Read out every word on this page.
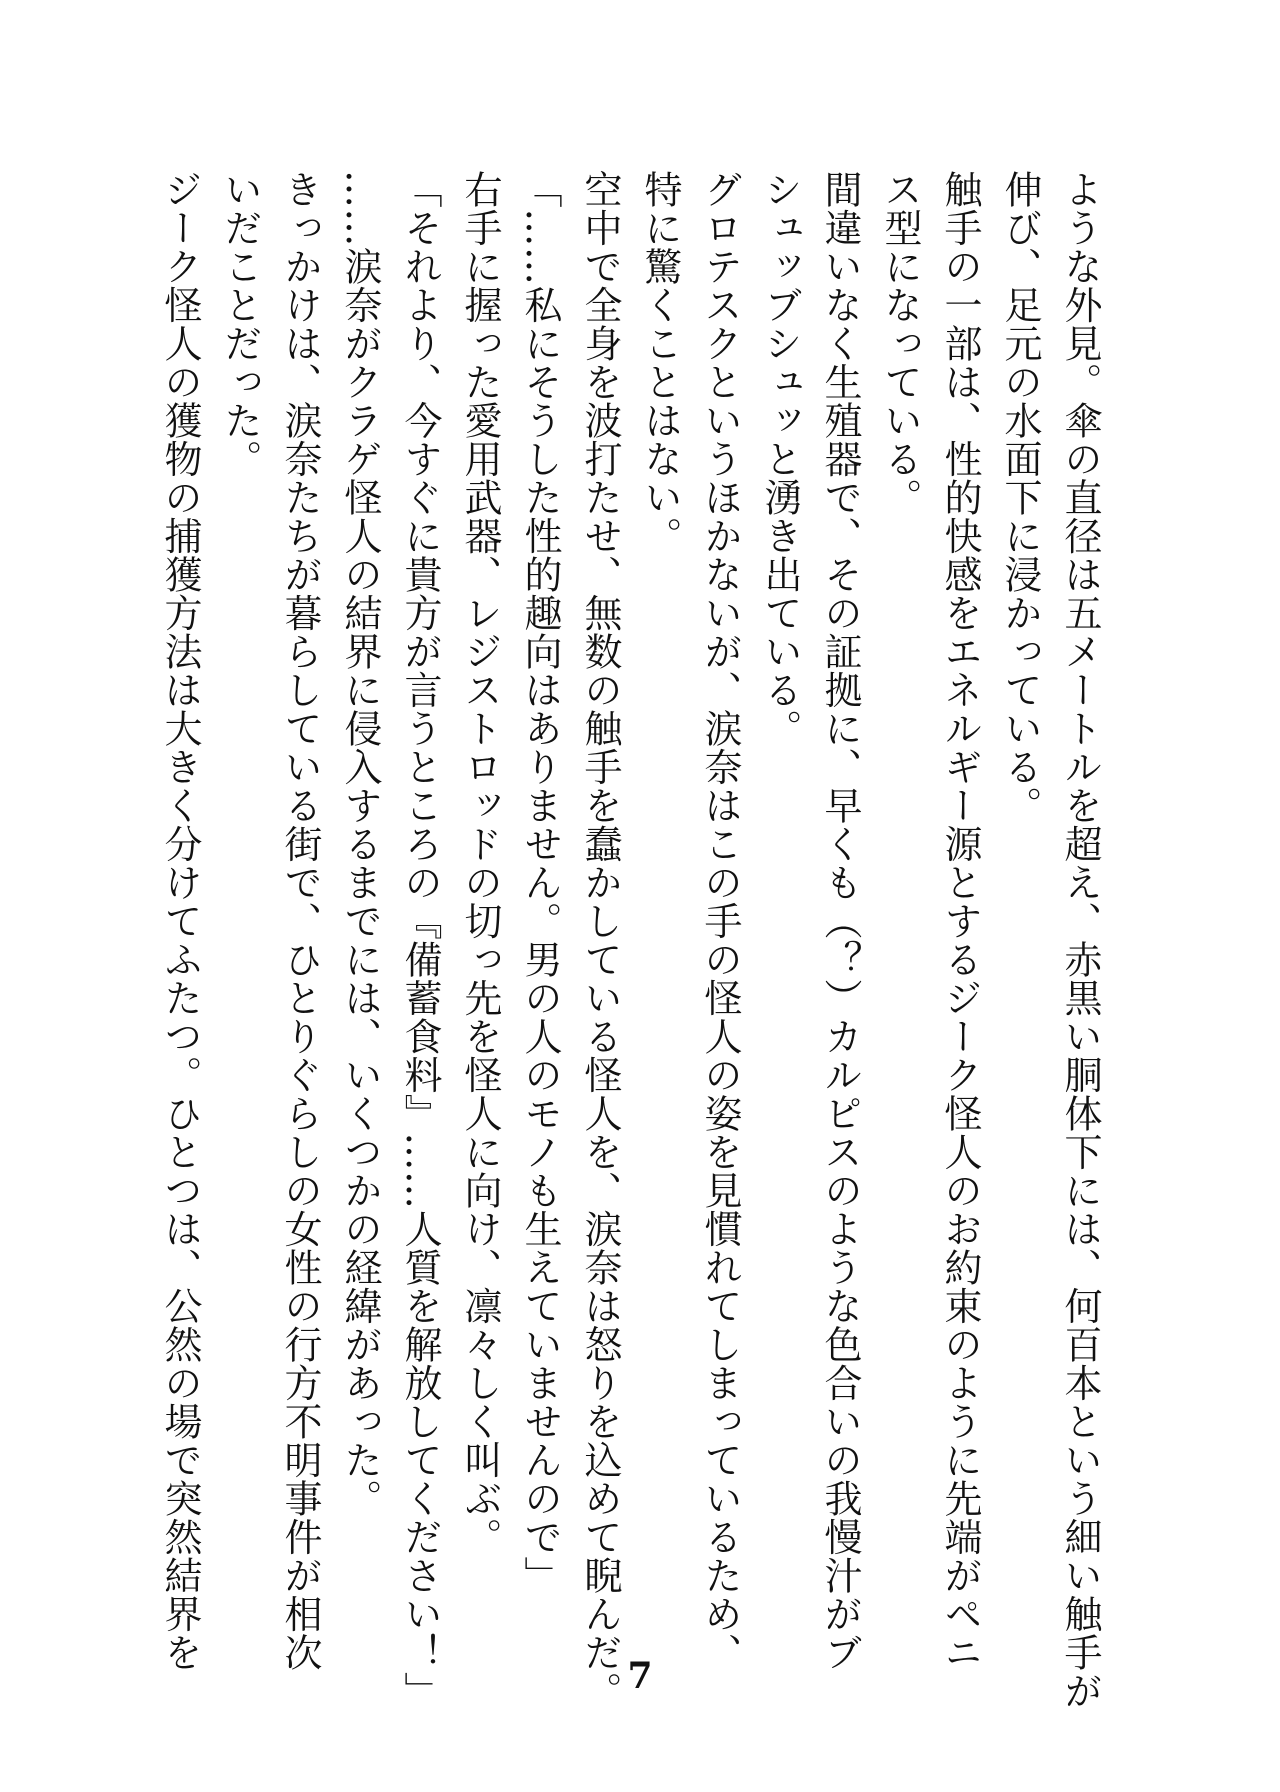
ような外見。傘の直径は五メートルを超え、赤黒い胴体下には、何百本という細い触手が
伸び、足元の水面下に浸かっている。
触手の一部は、性的快感をエネルギー源とするジーク怪人のお約束のように先端がペニ
ス型になっている。
間違いなく生殖器で、その証拠に、早くも（？）カルピスのような色合いの我慢汁がブ
シュッブシュッと湧き出ている。
グロテスクというほかないが、涙奈はこの手の怪人の姿を見慣れてしまっているため、
特に驚くことはない。
空中で全身を波打たせ、無数の触手を蠢かしている怪人を、涙奈は怒りを込めて睨んだ。
「……私にそうした性的趣向はありません。男の人のモノも生えていませんので」
右手に握った愛用武器、レジストロッドの切っ先を怪人に向け、凛々しく叫ぶ。
「それより、今すぐに貴方が言うところの『備蓄食料』……人質を解放してください！」
……涙奈がクラゲ怪人の結界に侵入するまでには、いくつかの経緯があった。
きっかけは、涙奈たちが暮らしている街で、ひとりぐらしの女性の行方不明事件が相次
いだことだった。
ジーク怪人の獲物の捕獲方法は大きく分けてふたつ。ひとつは、公然の場で突然結界を
7
